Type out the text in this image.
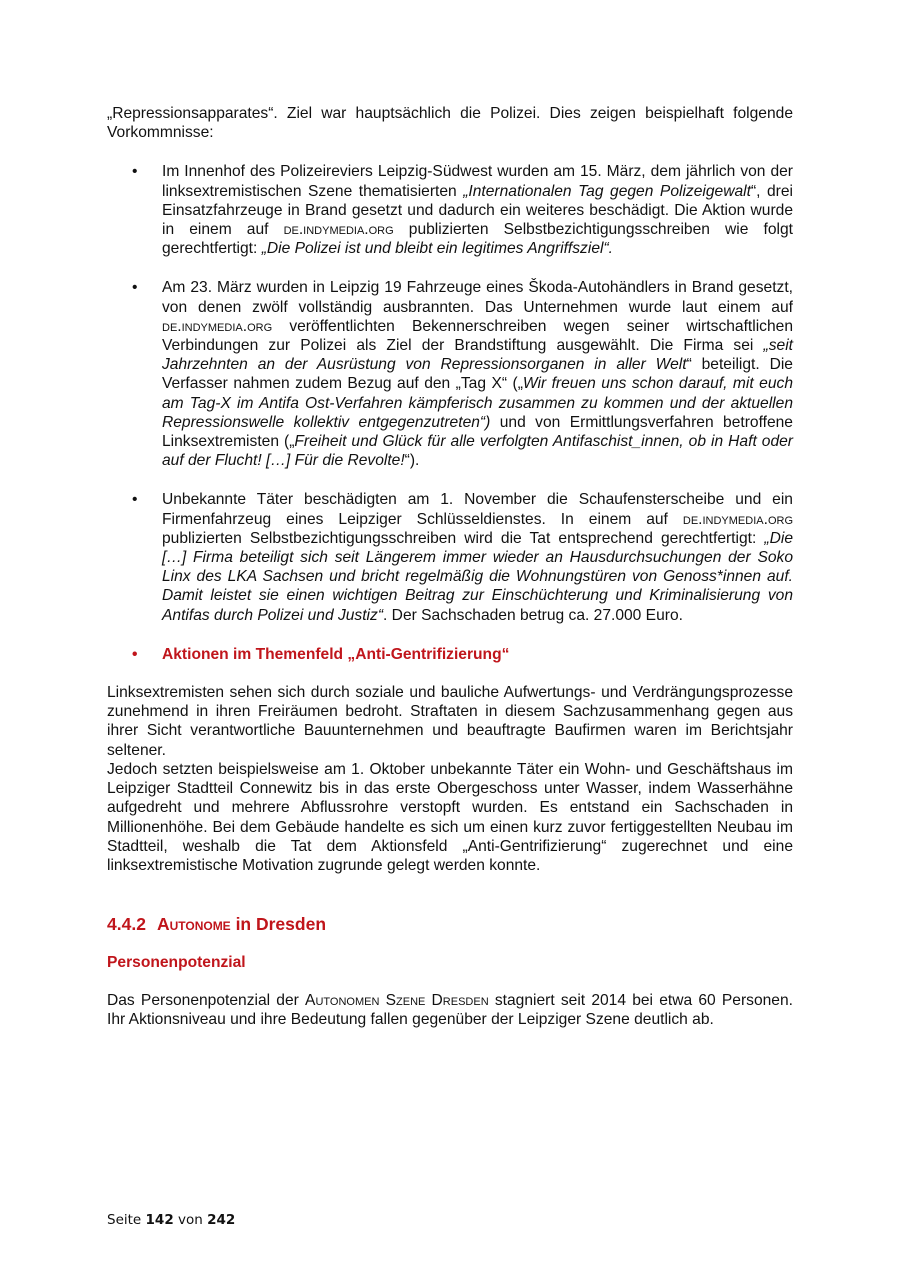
„Repressionsapparates“. Ziel war hauptsächlich die Polizei. Dies zeigen beispielhaft folgende Vorkommnisse:

• Im Innenhof des Polizeireviers Leipzig-Südwest wurden am 15. März, dem jährlich von der linksextremistischen Szene thematisierten „Internationalen Tag gegen Polizeigewalt“, drei Einsatzfahrzeuge in Brand gesetzt und dadurch ein weiteres beschädigt. Die Aktion wurde in einem auf de.indymedia.org publizierten Selbstbezichtigungsschreiben wie folgt gerechtfertigt: „Die Polizei ist und bleibt ein legitimes Angriffsziel“.
• Am 23. März wurden in Leipzig 19 Fahrzeuge eines Škoda-Autohändlers in Brand gesetzt, von denen zwölf vollständig ausbrannten. Das Unternehmen wurde laut einem auf de.indymedia.org veröffentlichten Bekennerschreiben wegen seiner wirtschaftlichen Verbindungen zur Polizei als Ziel der Brandstiftung ausgewählt. Die Firma sei „seit Jahrzehnten an der Ausrüstung von Repressionsorganen in aller Welt“ beteiligt. Die Verfasser nahmen zudem Bezug auf den „Tag X“ („Wir freuen uns schon darauf, mit euch am Tag-X im Antifa Ost-Verfahren kämpferisch zusammen zu kommen und der aktuellen Repressionswelle kollektiv entgegenzutreten“) und von Ermittlungsverfahren betroffene Linksextremisten („Freiheit und Glück für alle verfolgten Antifaschist_innen, ob in Haft oder auf der Flucht! […] Für die Revolte!“).
• Unbekannte Täter beschädigten am 1. November die Schaufensterscheibe und ein Firmenfahrzeug eines Leipziger Schlüsseldienstes. In einem auf de.indymedia.org publizierten Selbstbezichtigungsschreiben wird die Tat entsprechend gerechtfertigt: „Die […] Firma beteiligt sich seit Längerem immer wieder an Hausdurchsuchungen der Soko Linx des LKA Sachsen und bricht regelmäßig die Wohnungstüren von Genoss*innen auf. Damit leistet sie einen wichtigen Beitrag zur Einschüchterung und Kriminalisierung von Antifas durch Polizei und Justiz“. Der Sachschaden betrug ca. 27.000 Euro.
• Aktionen im Themenfeld „Anti-Gentrifizierung“

Linksextremisten sehen sich durch soziale und bauliche Aufwertungs- und Verdrängungsprozesse zunehmend in ihren Freiräumen bedroht. Straftaten in diesem Sachzusammenhang gegen aus ihrer Sicht verantwortliche Bauunternehmen und beauftragte Baufirmen waren im Berichtsjahr seltener.

Jedoch setzten beispielsweise am 1. Oktober unbekannte Täter ein Wohn- und Geschäftshaus im Leipziger Stadtteil Connewitz bis in das erste Obergeschoss unter Wasser, indem Wasserhähne aufgedreht und mehrere Abflussrohre verstopft wurden. Es entstand ein Sachschaden in Millionenhöhe. Bei dem Gebäude handelte es sich um einen kurz zuvor fertiggestellten Neubau im Stadtteil, weshalb die Tat dem Aktionsfeld „Anti-Gentrifizierung“ zugerechnet und eine linksextremistische Motivation zugrunde gelegt werden konnte.

4.4.2 Autonome in Dresden
Personenpotenzial

Das Personenpotenzial der Autonomen Szene Dresden stagniert seit 2014 bei etwa 60 Personen. Ihr Aktionsniveau und ihre Bedeutung fallen gegenüber der Leipziger Szene deutlich ab.

Seite 142 von 242
